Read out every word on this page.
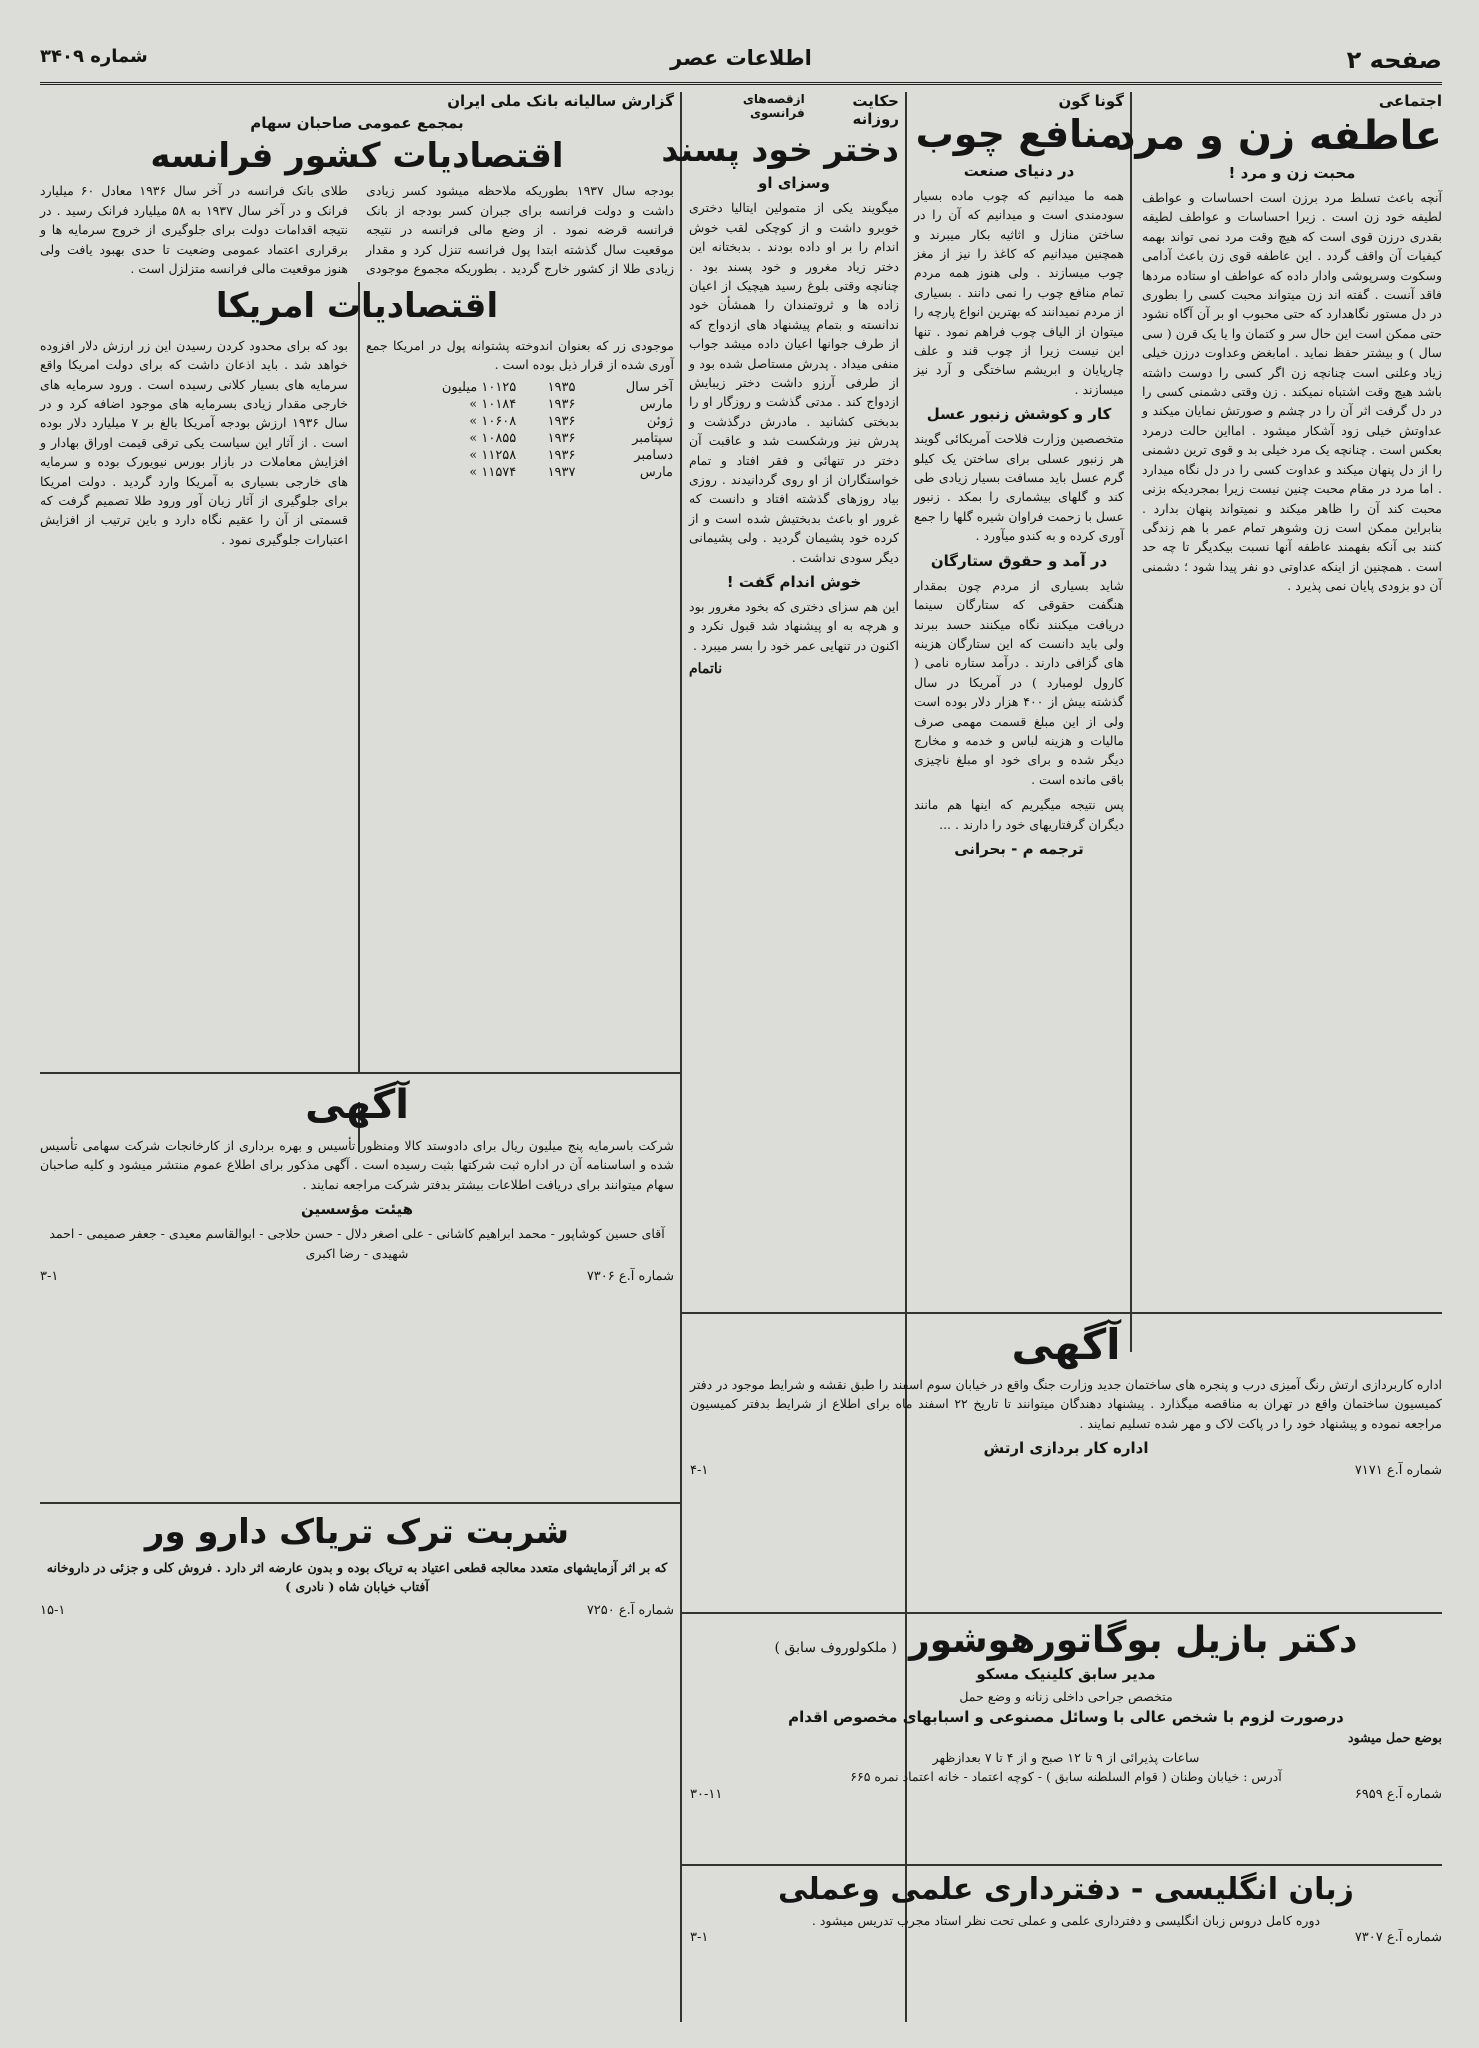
صفحه ۲
اطلاعات عصر
شماره ۳۴۰۹
اجتماعی
عاطفه زن و مرد
محبت زن و مرد !
آنچه باعث تسلط مرد برزن است احساسات و عواطف لطیفه خود زن است . زیرا احساسات و عواطف لطیفه بقدری درزن قوی است که هیچ وقت مرد نمی تواند بهمه کیفیات آن واقف گردد . این عاطفه قوی زن باعث آدامی وسکوت وسرپوشی وادار داده که عواطف او ستاده مردها فاقد آنست . گفته اند زن میتواند محبت کسی را بطوری در دل مستور نگاهدارد که حتی محبوب او بر آن آگاه نشود حتی ممکن است این حال سر و کتمان وا یا یک قرن ( سی سال ) و بیشتر حفظ نماید . امابغض وعداوت درزن خیلی زیاد وعلنی است چنانچه زن اگر کسی را دوست داشته باشد هیچ وقت اشتباه نمیکند . زن وقتی دشمنی کسی را در دل گرفت اثر آن را در چشم و صورتش نمایان میکند و عداوتش خیلی زود آشکار میشود . امااین حالت درمرد بعکس است . چنانچه یک مرد خیلی بد و قوی ترین دشمنی را از دل پنهان میکند و عداوت کسی را در دل نگاه میدارد . اما مرد در مقام محبت چنین نیست زیرا بمجردیکه بزنی محبت کند آن را ظاهر میکند و نمیتواند پنهان بدارد . بنابراین ممکن است زن وشوهر تمام عمر با هم زندگی کنند بی آنکه بفهمند عاطفه آنها نسبت بیکدیگر تا چه حد است . همچنین از اینکه عداوتی دو نفر پیدا شود ؛ دشمنی آن دو بزودی پایان نمی پذیرد .
گونا گون
منافع چوب
در دنیای صنعت
همه ما میدانیم که چوب ماده بسیار سودمندی است و میدانیم که آن را در ساختن منازل و اثاثیه بکار میبرند و همچنین میدانیم که کاغذ را نیز از مغز چوب میسازند . ولی هنوز همه مردم تمام منافع چوب را نمی دانند . بسیاری از مردم نمیدانند که بهترین انواع پارچه را میتوان از الیاف چوب فراهم نمود . تنها این نیست زیرا از چوب قند و علف چارپایان و ابریشم ساختگی و آرد نیز میسازند .
کار و کوشش زنبور عسل
متخصصین وزارت فلاحت آمریکائی گویند هر زنبور عسلی برای ساختن یک کیلو گرم عسل باید مسافت بسیار زیادی طی کند و گلهای بیشماری را بمکد . زنبور عسل با زحمت فراوان شیره گلها را جمع آوری کرده و به کندو میآورد .
در آمد و حقوق ستارگان
شاید بسیاری از مردم چون بمقدار هنگفت حقوقی که ستارگان سینما دریافت میکنند نگاه میکنند حسد ببرند ولی باید دانست که این ستارگان هزینه های گزافی دارند . درآمد ستاره نامی ( کارول لومبارد ) در آمریکا در سال گذشته بیش از ۴۰۰ هزار دلار بوده است ولی از این مبلغ قسمت مهمی صرف مالیات و هزینه لباس و خدمه و مخارج دیگر شده و برای خود او مبلغ ناچیزی باقی مانده است .
پس نتیجه میگیریم که اینها هم مانند دیگران گرفتاریهای خود را دارند . ...
ترجمه م - بحرانی
حکایت روزانه
ازقصه‌های فرانسوی
دختر خود پسند
وسزای او
میگویند یکی از متمولین ایتالیا دختری خوبرو داشت و از کوچکی لقب خوش اندام را بر او داده بودند . بدبختانه این دختر زیاد مغرور و خود پسند بود . چنانچه وقتی بلوغ رسید هیچیک از اعیان زاده ها و ثروتمندان را همشأن خود ندانسته و بتمام پیشنهاد های ازدواج که از طرف جوانها اعیان داده میشد جواب منفی میداد . پدرش مستاصل شده بود و از طرفی آرزو داشت دختر زیبایش ازدواج کند . مدتی گذشت و روزگار او را بدبختی کشانید . مادرش درگذشت و پدرش نیز ورشکست شد و عاقبت آن دختر در تنهائی و فقر افتاد و تمام خواستگاران از او روی گردانیدند . روزی بیاد روزهای گذشته افتاد و دانست که غرور او باعث بدبختیش شده است و از کرده خود پشیمان گردید . ولی پشیمانی دیگر سودی نداشت .
خوش اندام گفت !
این هم سزای دختری که بخود مغرور بود و هرچه به او پیشنهاد شد قبول نکرد و اکنون در تنهایی عمر خود را بسر میبرد .
ناتمام
گزارش سالیانه بانک ملی ایران
بمجمع عمومی صاحبان سهام
اقتصادیات کشور فرانسه
بودجه سال ۱۹۳۷ بطوریکه ملاحظه میشود کسر زیادی داشت و دولت فرانسه برای جبران کسر بودجه از بانک فرانسه قرضه نمود . از وضع مالی فرانسه در نتیجه موقعیت سال گذشته ابتدا پول فرانسه تنزل کرد و مقدار زیادی طلا از کشور خارج گردید . بطوریکه مجموع موجودی طلای بانک فرانسه در آخر سال ۱۹۳۶ معادل ۶۰ میلیارد فرانک و در آخر سال ۱۹۳۷ به ۵۸ میلیارد فرانک رسید . در نتیجه اقدامات دولت برای جلوگیری از خروج سرمایه ها و برقراری اعتماد عمومی وضعیت تا حدی بهبود یافت ولی هنوز موقعیت مالی فرانسه متزلزل است .
اقتصادیات امریکا
موجودی زر که بعنوان اندوخته پشتوانه پول در امریکا جمع آوری شده از قرار ذیل بوده است .
آخر سال	۱۹۳۵	۱۰۱۲۵ میلیون
مارس	۱۹۳۶	۱۰۱۸۴ »
ژوئن	۱۹۳۶	۱۰۶۰۸ »
سپتامبر	۱۹۳۶	۱۰۸۵۵ »
دسامبر	۱۹۳۶	۱۱۲۵۸ »
مارس	۱۹۳۷	۱۱۵۷۴ »
بود که برای محدود کردن رسیدن این زر ارزش دلار افزوده خواهد شد . باید اذعان داشت که برای دولت امریکا واقع سرمایه های بسیار کلانی رسیده است . ورود سرمایه های خارجی مقدار زیادی بسرمایه های موجود اضافه کرد و در سال ۱۹۳۶ ارزش بودجه آمریکا بالغ بر ۷ میلیارد دلار بوده است . از آثار این سیاست یکی ترقی قیمت اوراق بهادار و افزایش معاملات در بازار بورس نیویورک بوده و سرمایه های خارجی بسیاری به آمریکا وارد گردید . دولت امریکا برای جلوگیری از آثار زیان آور ورود طلا تصمیم گرفت که قسمتی از آن را عقیم نگاه دارد و باین ترتیب از افزایش اعتبارات جلوگیری نمود .
آگهی
شرکت باسرمایه پنج میلیون ریال برای دادوستد کالا ومنظور تأسیس و بهره برداری از کارخانجات شرکت سهامی تأسیس شده و اساسنامه آن در اداره ثبت شرکتها بثبت رسیده است . آگهی مذکور برای اطلاع عموم منتشر میشود و کلیه صاحبان سهام میتوانند برای دریافت اطلاعات بیشتر بدفتر شرکت مراجعه نمایند .
هیئت مؤسسین
آقای حسین کوشاپور - محمد ابراهیم کاشانی - علی اصغر دلال - حسن حلاجی - ابوالقاسم معیدی - جعفر صمیمی - احمد شهیدی - رضا اکبری
شماره آ.ع ۷۳۰۶
۳-۱
شربت ترک تریاک دارو ور
که بر اثر آزمایشهای متعدد معالجه قطعی اعتیاد به تریاک بوده و بدون عارضه اثر دارد . فروش کلی و جزئی در داروخانه آفتاب خیابان شاه ( نادری )
شماره آ.ع ۷۲۵۰
۱۵-۱
آگهی
اداره کاربردازی ارتش رنگ آمیزی درب و پنجره های ساختمان جدید وزارت جنگ واقع در خیابان سوم اسفند را طبق نقشه و شرایط موجود در دفتر کمیسیون ساختمان واقع در تهران به مناقصه میگذارد . پیشنهاد دهندگان میتوانند تا تاریخ ۲۲ اسفند ماه برای اطلاع از شرایط بدفتر کمیسیون مراجعه نموده و پیشنهاد خود را در پاکت لاک و مهر شده تسلیم نمایند .
اداره کار بردازی ارتش
شماره آ.ع ۷۱۷۱
۴-۱
دکتر بازیل بوگاتورهوشور
( ملکولوروف سابق )
مدیر سابق کلینیک مسکو
متخصص جراحی داخلی زنانه و وضع حمل
درصورت لزوم با شخص عالی با وسائل مصنوعی و اسبابهای مخصوص اقدام
بوضع حمل میشود
ساعات پذیرائی از ۹ تا ۱۲ صبح و از ۴ تا ۷ بعدازظهر
آدرس : خیابان وطنان ( قوام السلطنه سابق ) - کوچه اعتماد - خانه اعتماد نمره ۶۶۵
شماره آ.ع ۶۹۵۹
۳۰-۱۱
زبان انگلیسی - دفترداری علمی وعملی
دوره کامل دروس زبان انگلیسی و دفترداری علمی و عملی تحت نظر استاد مجرب تدریس میشود .
شماره آ.ع ۷۳۰۷
۳-۱
